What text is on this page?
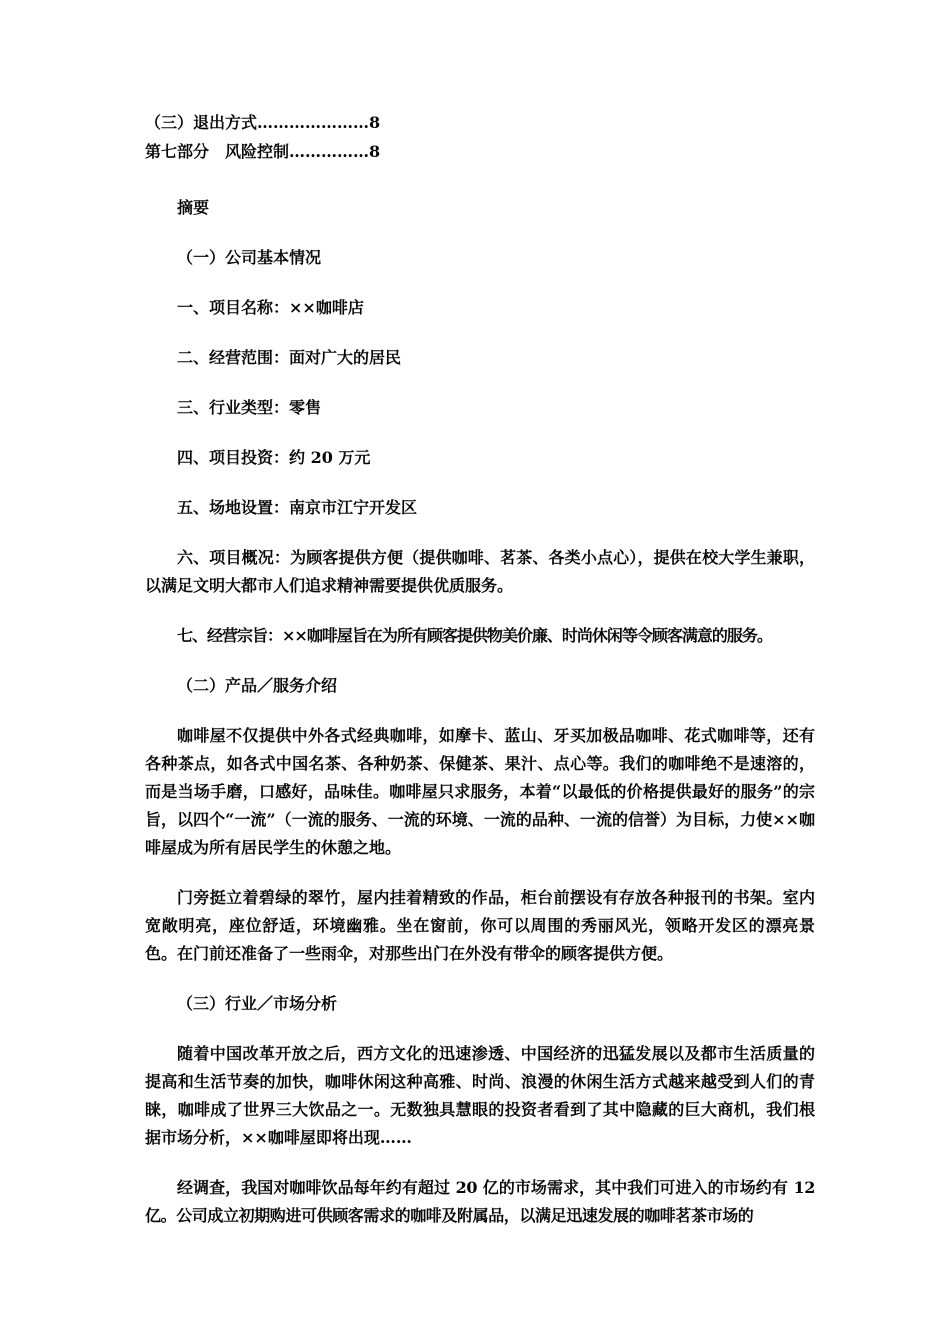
（三）退出方式…………………8

第七部分　风险控制……………8

摘要

（一）公司基本情况

一、项目名称：××咖啡店

二、经营范围：面对广大的居民

三、行业类型：零售

四、项目投资：约 20 万元

五、场地设置：南京市江宁开发区

六、项目概况：为顾客提供方便（提供咖啡、茗茶、各类小点心），提供在校大学生兼职，以满足文明大都市人们追求精神需要提供优质服务。

七、经营宗旨：××咖啡屋旨在为所有顾客提供物美价廉、时尚休闲等令顾客满意的服务。

（二）产品／服务介绍

咖啡屋不仅提供中外各式经典咖啡，如摩卡、蓝山、牙买加极品咖啡、花式咖啡等，还有各种茶点，如各式中国名茶、各种奶茶、保健茶、果汁、点心等。我们的咖啡绝不是速溶的，而是当场手磨，口感好，品味佳。咖啡屋只求服务，本着“以最低的价格提供最好的服务”的宗旨，以四个“一流”（一流的服务、一流的环境、一流的品种、一流的信誉）为目标，力使××咖啡屋成为所有居民学生的休憩之地。

门旁挺立着碧绿的翠竹，屋内挂着精致的作品，柜台前摆设有存放各种报刊的书架。室内宽敞明亮，座位舒适，环境幽雅。坐在窗前，你可以周围的秀丽风光，领略开发区的漂亮景色。在门前还准备了一些雨伞，对那些出门在外没有带伞的顾客提供方便。

（三）行业／市场分析

随着中国改革开放之后，西方文化的迅速渗透、中国经济的迅猛发展以及都市生活质量的提高和生活节奏的加快，咖啡休闲这种高雅、时尚、浪漫的休闲生活方式越来越受到人们的青睐，咖啡成了世界三大饮品之一。无数独具慧眼的投资者看到了其中隐藏的巨大商机，我们根据市场分析，××咖啡屋即将出现……

经调查，我国对咖啡饮品每年约有超过 20 亿的市场需求，其中我们可进入的市场约有 12 亿。公司成立初期购进可供顾客需求的咖啡及附属品，以满足迅速发展的咖啡茗茶市场的
